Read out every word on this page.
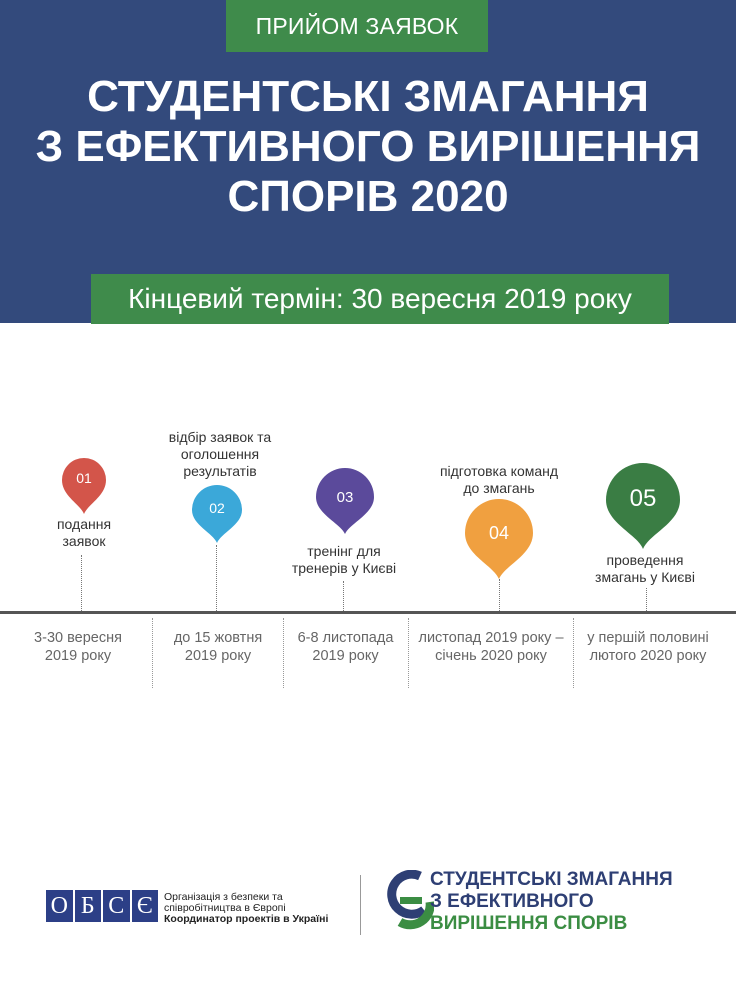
ПРИЙОМ ЗАЯВОК
СТУДЕНТСЬКІ ЗМАГАННЯ
З ЕФЕКТИВНОГО ВИРІШЕННЯ
СПОРІВ 2020
Кінцевий термін: 30 вересня 2019 року
01
подання
заявок
02
відбір заявок та
оголошення
результатів
03
тренінг для
тренерів у Києві
04
підготовка команд
до змагань	05
проведення
змагань у Києві
3-30 вересня
2019 року
до 15 жовтня
2019 року
6-8 листопада
2019 року
листопад 2019 року –
січень 2020 року
у першій половині
лютого 2020 року
О Б С Є	Організація з безпеки та
співробітництва в Європі
Координатор проектів в Україні
СТУДЕНТСЬКІ ЗМАГАННЯ
З ЕФЕКТИВНОГО
ВИРІШЕННЯ СПОРІВ
